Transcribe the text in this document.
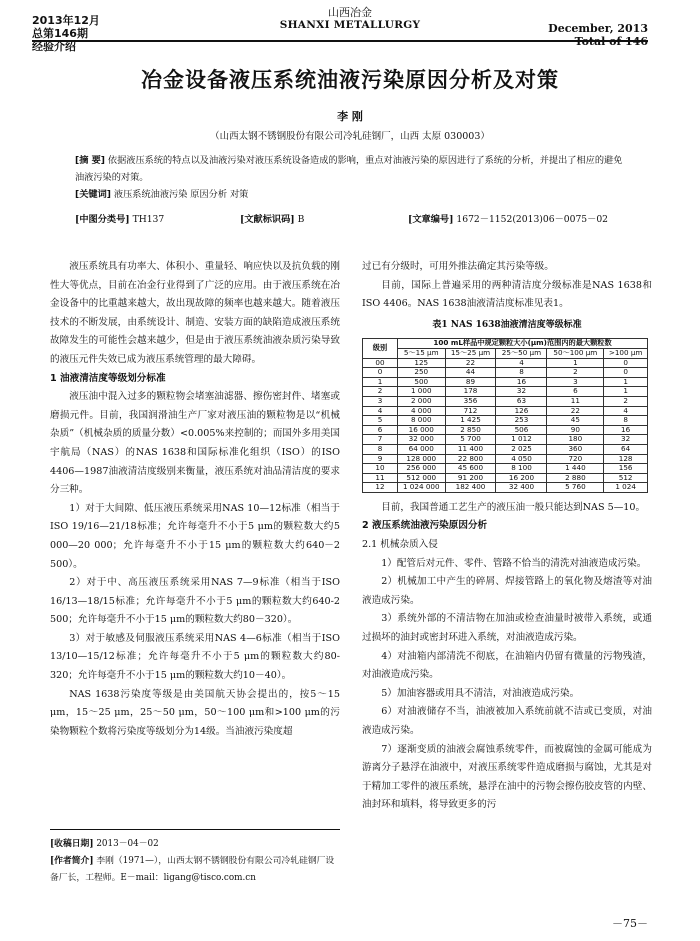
2013年12月
总第146期
经验介绍
山西冶金
SHANXI METALLURGY	December, 2013
Total of 146
冶金设备液压系统油液污染原因分析及对策
李 刚
（山西太钢不锈钢股份有限公司冷轧硅钢厂，山西 太原 030003）
[摘 要] 依据液压系统的特点以及油液污染对液压系统设备造成的影响，重点对油液污染的原因进行了系统的分析，并提出了相应的避免油液污染的对策。
[关键词] 液压系统油液污染 原因分析 对策
[中图分类号] TH137	[文献标识码] B	[文章编号] 1672－1152(2013)06－0075－02

液压系统具有功率大、体积小、重量轻、响应快以及抗负载的刚性大等优点，目前在冶金行业得到了广泛的应用。由于液压系统在冶金设备中的比重越来越大，故出现故障的频率也越来越大。随着液压技术的不断发展，由系统设计、制造、安装方面的缺陷造成液压系统故障发生的可能性会越来越少，但是由于液压系统油液杂质污染导致的液压元件失效已成为液压系统管理的最大障碍。

1 油液清洁度等级划分标准

液压油中混入过多的颗粒物会堵塞油滤器、擦伤密封件、堵塞或磨损元件。目前，我国润滑油生产厂家对液压油的颗粒物是以“机械杂质”（机械杂质的质量分数）<0.005%来控制的；而国外多用美国宇航局（NAS）的NAS 1638和国际标准化组织（ISO）的ISO 4406—1987油液清洁度级别来衡量，液压系统对油品清洁度的要求分三种。

1）对于大间隙、低压液压系统采用NAS 10—12标准（相当于ISO 19/16—21/18标准；允许每毫升不小于5 μm的颗粒数大约5 000—20 000；允许每毫升不小于15 μm的颗粒数大约640－2 500）。

2）对于中、高压液压系统采用NAS 7—9标准（相当于ISO 16/13—18/15标准；允许每毫升不小于5 μm的颗粒数大约640-2 500；允许每毫升不小于15 μm的颗粒数大约80－320）。

3）对于敏感及伺服液压系统采用NAS 4—6标准（相当于ISO 13/10—15/12标准；允许每毫升不小于5 μm的颗粒数大约80-320；允许每毫升不小于15 μm的颗粒数大约10－40）。

NAS 1638污染度等级是由美国航天协会提出的，按5～15 μm，15～25 μm，25～50 μm，50～100 μm和>100 μm的污染物颗粒个数将污染度等级划分为14级。当油液污染度超

[收稿日期] 2013－04－02
[作者简介] 李刚（1971—），山西太钢不锈钢股份有限公司冷轧硅钢厂设备厂长，工程师。E－mail：ligang@tisco.com.cn

过已有分级时，可用外推法确定其污染等级。

目前，国际上普遍采用的两种清洁度分级标准是NAS 1638和ISO 4406。NAS 1638油液清洁度标准见表1。

表1 NAS 1638油液清洁度等级标准
级别	100 mL样品中规定颗粒大小(μm)范围内的最大颗粒数				
	5～15 μm	15～25 μm	25～50 μm	50～100 μm	>100 μm
00	125	22	4	1	0
0	250	44	8	2	0
1	500	89	16	3	1
2	1 000	178	32	6	1
3	2 000	356	63	11	2
4	4 000	712	126	22	4
5	8 000	1 425	253	45	8
6	16 000	2 850	506	90	16
7	32 000	5 700	1 012	180	32
8	64 000	11 400	2 025	360	64
9	128 000	22 800	4 050	720	128
10	256 000	45 600	8 100	1 440	156
11	512 000	91 200	16 200	2 880	512
12	1 024 000	182 400	32 400	5 760	1 024

目前，我国普通工艺生产的液压油一般只能达到NAS 5—10。

2 液压系统油液污染原因分析

2.1 机械杂质入侵

1）配管后对元件、零件、管路不恰当的清洗对油液造成污染。

2）机械加工中产生的碎屑、焊接管路上的氧化物及熔渣等对油液造成污染。

3）系统外部的不清洁物在加油或检查油量时被带入系统，或通过损坏的油封或密封环进入系统，对油液造成污染。

4）对油箱内部清洗不彻底，在油箱内仍留有微量的污物残渣，对油液造成污染。

5）加油容器或用具不清洁，对油液造成污染。

6）对油液储存不当，油液被加入系统前就不洁或已变质，对油液造成污染。

7）逐渐变质的油液会腐蚀系统零件，而被腐蚀的金属可能成为游离分子悬浮在油液中，对液压系统零件造成磨损与腐蚀，尤其是对于精加工零件的液压系统，悬浮在油中的污物会擦伤胶皮管的内壁、油封环和填料，将导致更多的污

－75－
